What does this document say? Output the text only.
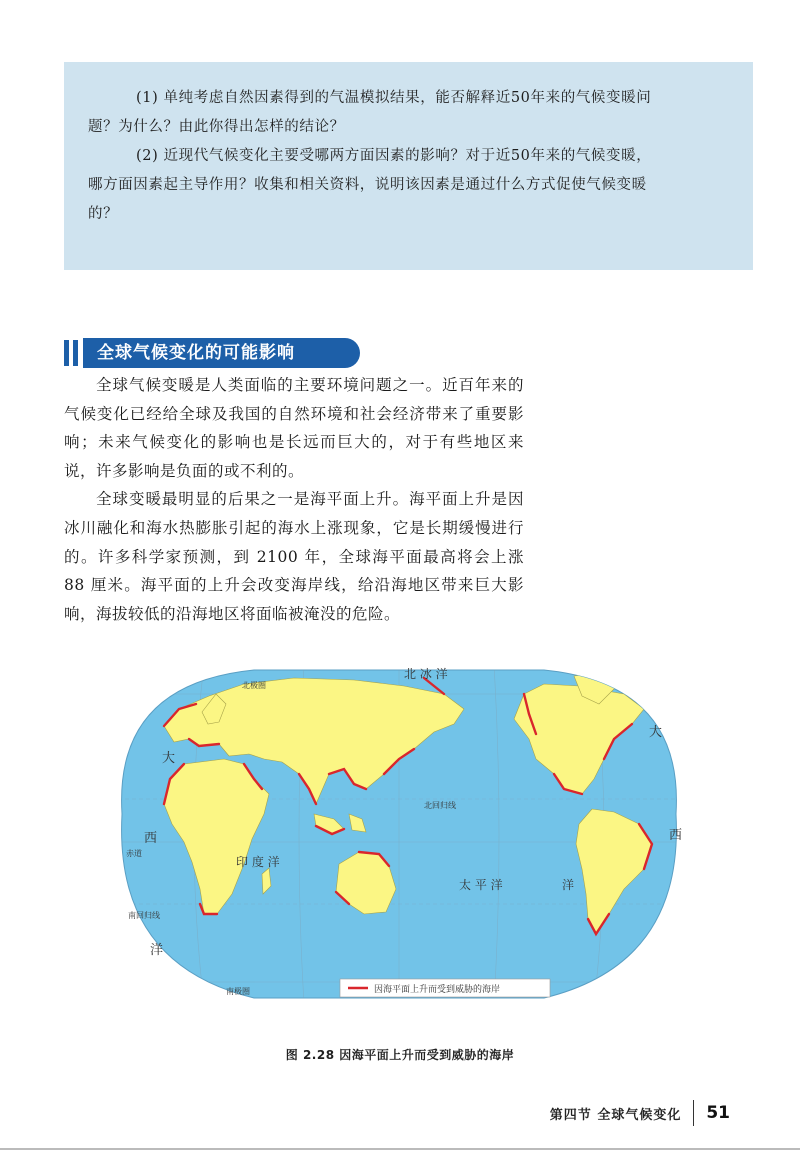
(1) 单纯考虑自然因素得到的气温模拟结果，能否解释近50年来的气候变暖问

题？为什么？由此你得出怎样的结论？

(2) 近现代气候变化主要受哪两方面因素的影响？对于近50年来的气候变暖，

哪方面因素起主导作用？收集和相关资料，说明该因素是通过什么方式促使气候变暖

的？

全球气候变化的可能影响

全球气候变暖是人类面临的主要环境问题之一。近百年来的气候变化已经给全球及我国的自然环境和社会经济带来了重要影响；未来气候变化的影响也是长远而巨大的，对于有些地区来说，许多影响是负面的或不利的。

全球变暖最明显的后果之一是海平面上升。海平面上升是因冰川融化和海水热膨胀引起的海水上涨现象，它是长期缓慢进行的。许多科学家预测，到 2100 年，全球海平面最高将会上涨 88 厘米。海平面的上升会改变海岸线，给沿海地区带来巨大影响，海拔较低的沿海地区将面临被淹没的危险。

北极圈
北 冰 洋
大
西
洋
大
西
赤道
北回归线
南回归线
印 度 洋
太 平 洋	洋
南极圈	因海平面上升而受到威胁的海岸
图 2.28 因海平面上升而受到威胁的海岸
第四节 全球气候变化 51
